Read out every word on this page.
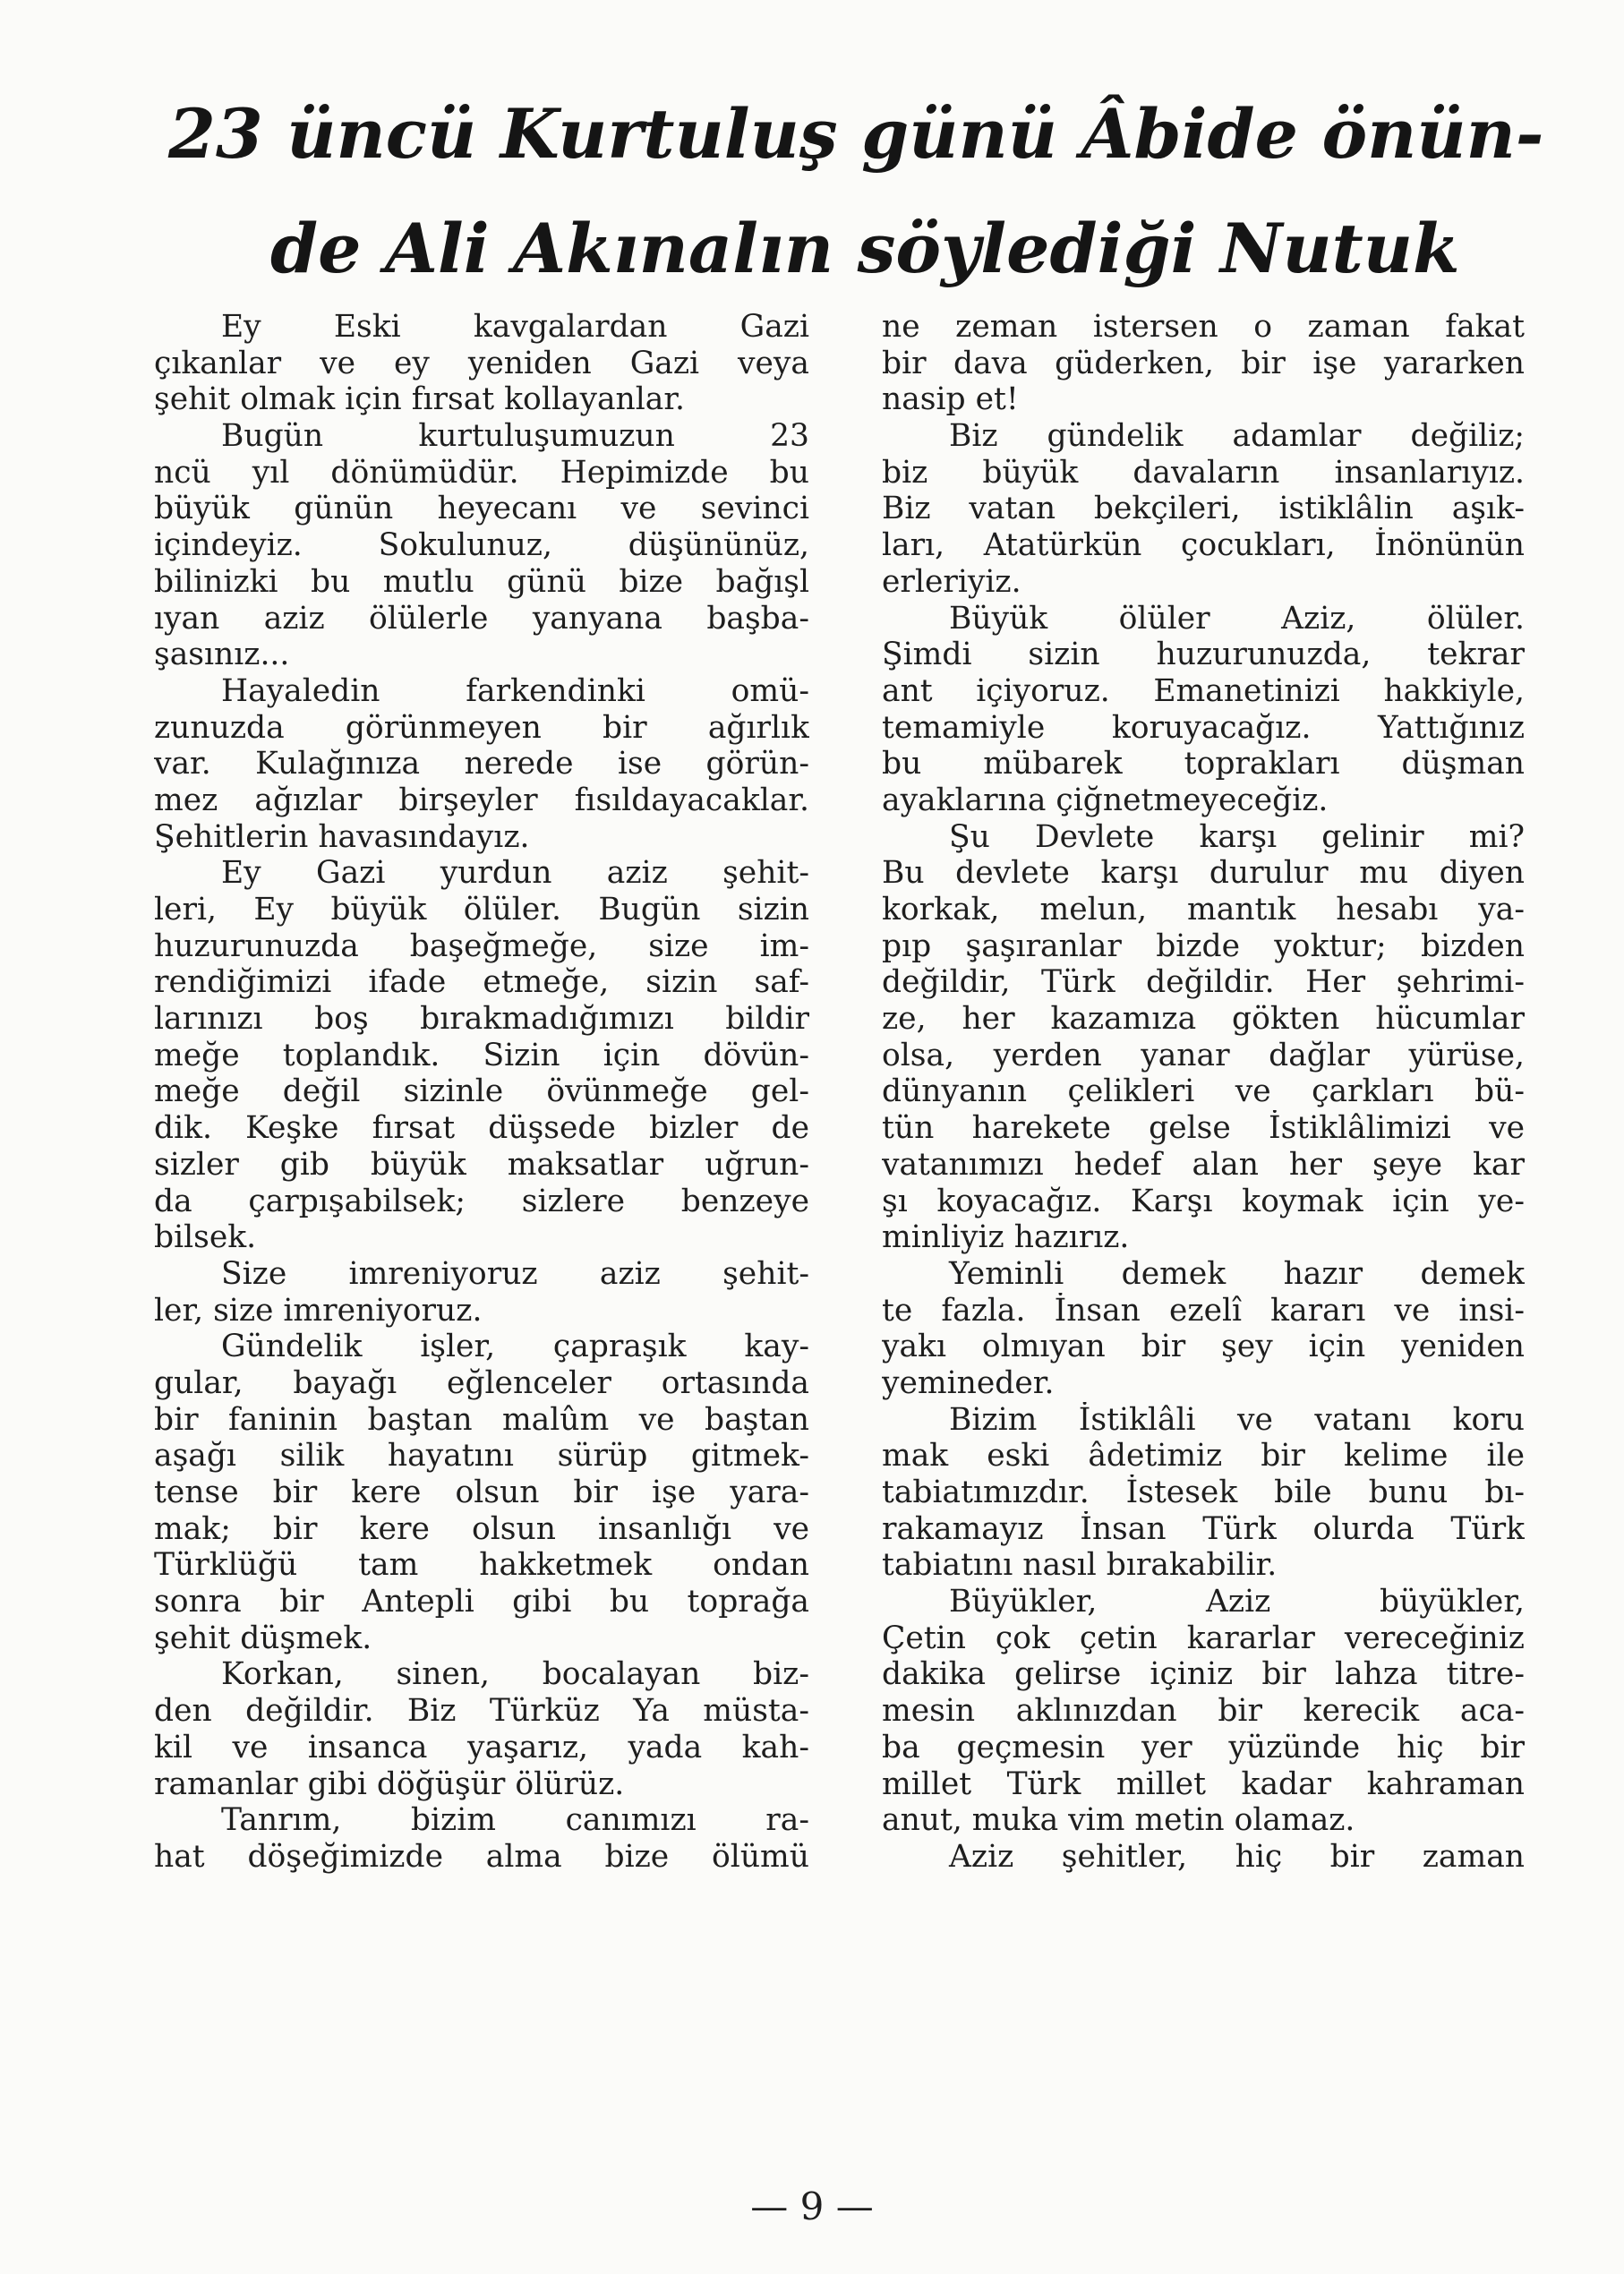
23 üncü Kurtuluş günü Âbide önün-
de Ali Akınalın söylediği Nutuk

Ey Eski kavgalardan Gazi

çıkanlar ve ey yeniden Gazi veya

şehit olmak için fırsat kollayanlar.

Bugün kurtuluşumuzun 23

ncü yıl dönümüdür. Hepimizde bu

büyük günün heyecanı ve sevinci

içindeyiz. Sokulunuz, düşününüz,

bilinizki bu mutlu günü bize bağışl

ıyan aziz ölülerle yanyana başba-

şasınız...

Hayaledin farkendinki omü-

zunuzda görünmeyen bir ağırlık

var. Kulağınıza nerede ise görün-

mez ağızlar birşeyler fısıldayacaklar.

Şehitlerin havasındayız.

Ey Gazi yurdun aziz şehit-

leri, Ey büyük ölüler. Bugün sizin

huzurunuzda başeğmeğe, size im-

rendiğimizi ifade etmeğe, sizin saf-

larınızı boş bırakmadığımızı bildir

meğe toplandık. Sizin için dövün-

meğe değil sizinle övünmeğe gel-

dik. Keşke fırsat düşsede bizler de

sizler gib büyük maksatlar uğrun-

da çarpışabilsek; sizlere benzeye

bilsek.

Size imreniyoruz aziz şehit-

ler, size imreniyoruz.

Gündelik işler, çapraşık kay-

gular, bayağı eğlenceler ortasında

bir faninin baştan malûm ve baştan

aşağı silik hayatını sürüp gitmek-

tense bir kere olsun bir işe yara-

mak; bir kere olsun insanlığı ve

Türklüğü tam hakketmek ondan

sonra bir Antepli gibi bu toprağa

şehit düşmek.

Korkan, sinen, bocalayan biz-

den değildir. Biz Türküz Ya müsta-

kil ve insanca yaşarız, yada kah-

ramanlar gibi döğüşür ölürüz.

Tanrım, bizim canımızı ra-

hat döşeğimizde alma bize ölümü

ne zeman istersen o zaman fakat

bir dava güderken, bir işe yararken

nasip et!

Biz gündelik adamlar değiliz;

biz büyük davaların insanlarıyız.

Biz vatan bekçileri, istiklâlin aşık-

ları, Atatürkün çocukları, İnönünün

erleriyiz.

Büyük ölüler Aziz, ölüler.

Şimdi sizin huzurunuzda, tekrar

ant içiyoruz. Emanetinizi hakkiyle,

temamiyle koruyacağız. Yattığınız

bu mübarek toprakları düşman

ayaklarına çiğnetmeyeceğiz.

Şu Devlete karşı gelinir mi?

Bu devlete karşı durulur mu diyen

korkak, melun, mantık hesabı ya-

pıp şaşıranlar bizde yoktur; bizden

değildir, Türk değildir. Her şehrimi-

ze, her kazamıza gökten hücumlar

olsa, yerden yanar dağlar yürüse,

dünyanın çelikleri ve çarkları bü-

tün harekete gelse İstiklâlimizi ve

vatanımızı hedef alan her şeye kar

şı koyacağız. Karşı koymak için ye-

minliyiz hazırız.

Yeminli demek hazır demek

te fazla. İnsan ezelî kararı ve insi-

yakı olmıyan bir şey için yeniden

yemineder.

Bizim İstiklâli ve vatanı koru

mak eski âdetimiz bir kelime ile

tabiatımızdır. İstesek bile bunu bı-

rakamayız İnsan Türk olurda Türk

tabiatını nasıl bırakabilir.

Büyükler, Aziz büyükler,

Çetin çok çetin kararlar vereceğiniz

dakika gelirse içiniz bir lahza titre-

mesin aklınızdan bir kerecik aca-

ba geçmesin yer yüzünde hiç bir

millet Türk millet kadar kahraman

anut, muka vim metin olamaz.

Aziz şehitler, hiç bir zaman

— 9 —
